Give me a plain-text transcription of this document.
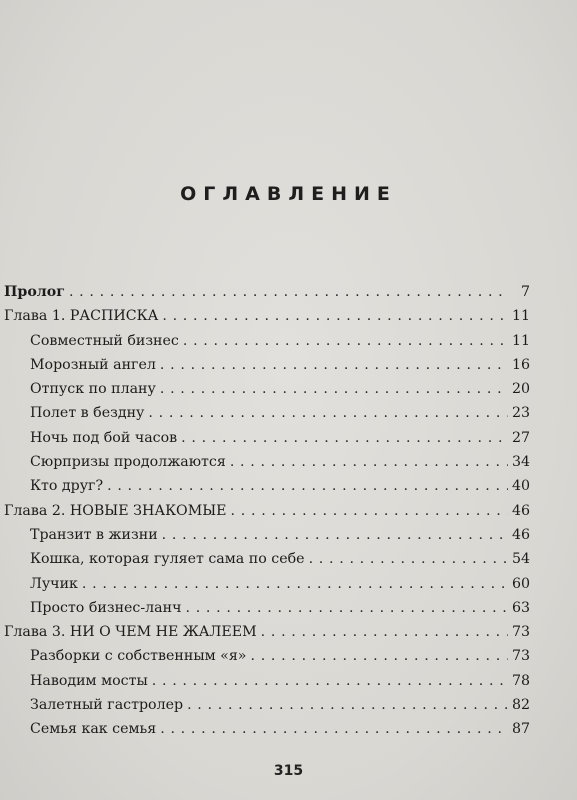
ОГЛАВЛЕНИЕ
Пролог . . .	7
Глава 1. РАСПИСКА . . .	11
Совместный бизнес . . .	11
Морозный ангел . . .	16
Отпуск по плану . . .	20
Полет в бездну . . .	23
Ночь под бой часов . . .	27
Сюрпризы продолжаются . . .	34
Кто друг? . . .	40
Глава 2. НОВЫЕ ЗНАКОМЫЕ . . .	46
Транзит в жизни . . .	46
Кошка, которая гуляет сама по себе . . .	54
Лучик . . .	60
Просто бизнес-ланч . . .	63
Глава 3. НИ О ЧЕМ НЕ ЖАЛЕЕМ . . .	73
Разборки с собственным «я» . . .	73
Наводим мосты . . .	78
Залетный гастролер . . .	82
Семья как семья . . .	87
315
